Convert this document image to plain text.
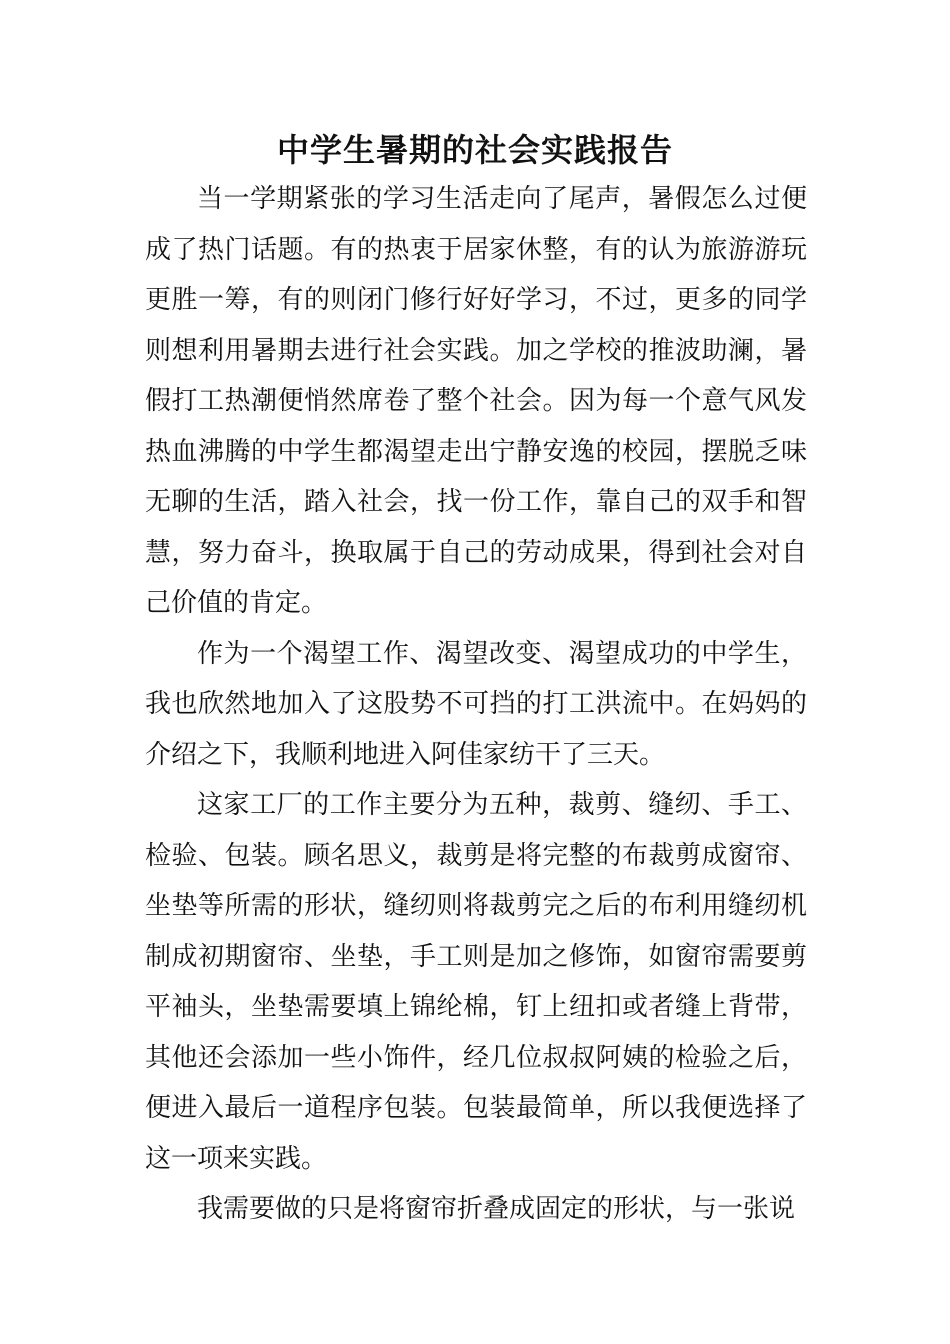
中学生暑期的社会实践报告

当一学期紧张的学习生活走向了尾声，暑假怎么过便成了热门话题。有的热衷于居家休整，有的认为旅游游玩更胜一筹，有的则闭门修行好好学习，不过，更多的同学则想利用暑期去进行社会实践。加之学校的推波助澜，暑假打工热潮便悄然席卷了整个社会。因为每一个意气风发热血沸腾的中学生都渴望走出宁静安逸的校园，摆脱乏味无聊的生活，踏入社会，找一份工作，靠自己的双手和智慧，努力奋斗，换取属于自己的劳动成果，得到社会对自己价值的肯定。

作为一个渴望工作、渴望改变、渴望成功的中学生，我也欣然地加入了这股势不可挡的打工洪流中。在妈妈的介绍之下，我顺利地进入阿佳家纺干了三天。

这家工厂的工作主要分为五种，裁剪、缝纫、手工、检验、包装。顾名思义，裁剪是将完整的布裁剪成窗帘、坐垫等所需的形状，缝纫则将裁剪完之后的布利用缝纫机制成初期窗帘、坐垫，手工则是加之修饰，如窗帘需要剪平袖头，坐垫需要填上锦纶棉，钉上纽扣或者缝上背带，其他还会添加一些小饰件，经几位叔叔阿姨的检验之后，便进入最后一道程序包装。包装最简单，所以我便选择了这一项来实践。

我需要做的只是将窗帘折叠成固定的形状，与一张说
